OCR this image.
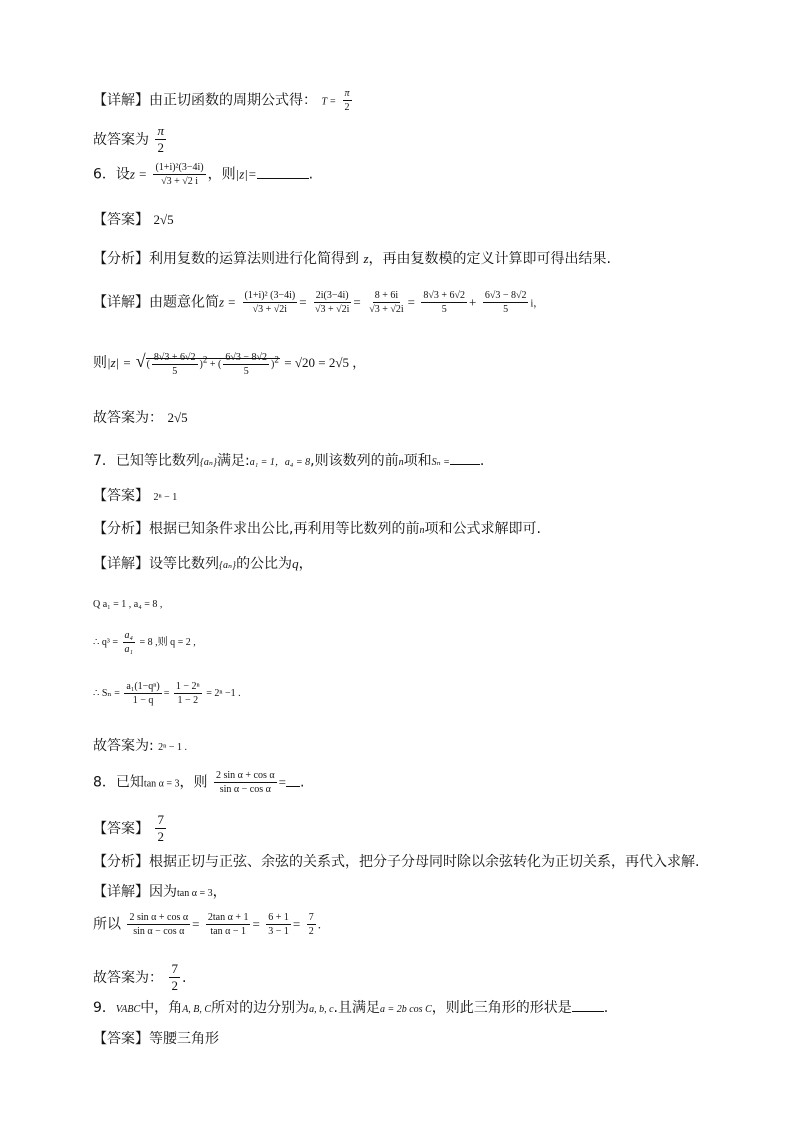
【详解】由正切函数的周期公式得： $T = \frac{\pi}{2}$
故答案为 $\frac{\pi}{2}$
6．设$z = \frac{\text{(1+i)²(3−4i)}}{√3 + √2 i}$ ，则|z|=	.
【答案】 2√5
【分析】利用复数的运算法则进行化简得到 z，再由复数模的定义计算即可得出结果.
【详解】由题意化简$z = \frac{\text{(1+i)² (3−4i)}}{√3 + √2i} = \frac{2i(3-4i)}{√3 + √2i} = \frac{8 + 6i}{√3 + √2i} = \frac{8√3 + 6√2}{5} + \frac{6√3 - 8√2}{5}$ i，
则|z| = √( $\frac{8√3 + 6√2}{5} )^2$ + ( $\frac{6√3 - 8√2}{5} )^2 = √20 = 2√5$ ，
故答案为： 2√5
7．已知等比数列{aₙ}满足:a₁ = 1，a₄ = 8,则该数列的前n项和Sₙ = .
【答案】 2ⁿ − 1
【分析】根据已知条件求出公比,再利用等比数列的前n项和公式求解即可.
【详解】设等比数列{aₙ}的公比为q，
Q a₁ = 1 , a₄ = 8 ,
∴ $q^3 = \frac{\text{a₄}}{\text{a₁}} = 8$ ,则 q = 2 ,
∴ $S_n = \frac{\text{a₁(1−qⁿ)}}{1 - q} = \frac{\text{1 − 2ⁿ}}{1 - 2} = 2^n -1$ .
故答案为: 2ⁿ − 1 .
8．已知tan α = 3，则 $\frac{\text{2 sin α + cos α}}{\text{sin α − cos α}}$ = .
【答案】 $\frac{7}{2}$
【分析】根据正切与正弦、余弦的关系式，把分子分母同时除以余弦转化为正切关系，再代入求解.
【详解】因为tan α = 3，
所以 $\frac{\text{2 sin α + cos α}}{\text{sin α − cos α}} = \frac{\text{2tan α + 1}}{\text{tan α − 1}} = \frac{6 + 1}{3 - 1} = \frac{7}{2}$ .
故答案为： $\frac{7}{2}$ .
9．VABC中，角A, B, C所对的边分别为a, b, c.且满足a = 2b cos C，则此三角形的形状是 .
【答案】等腰三角形
